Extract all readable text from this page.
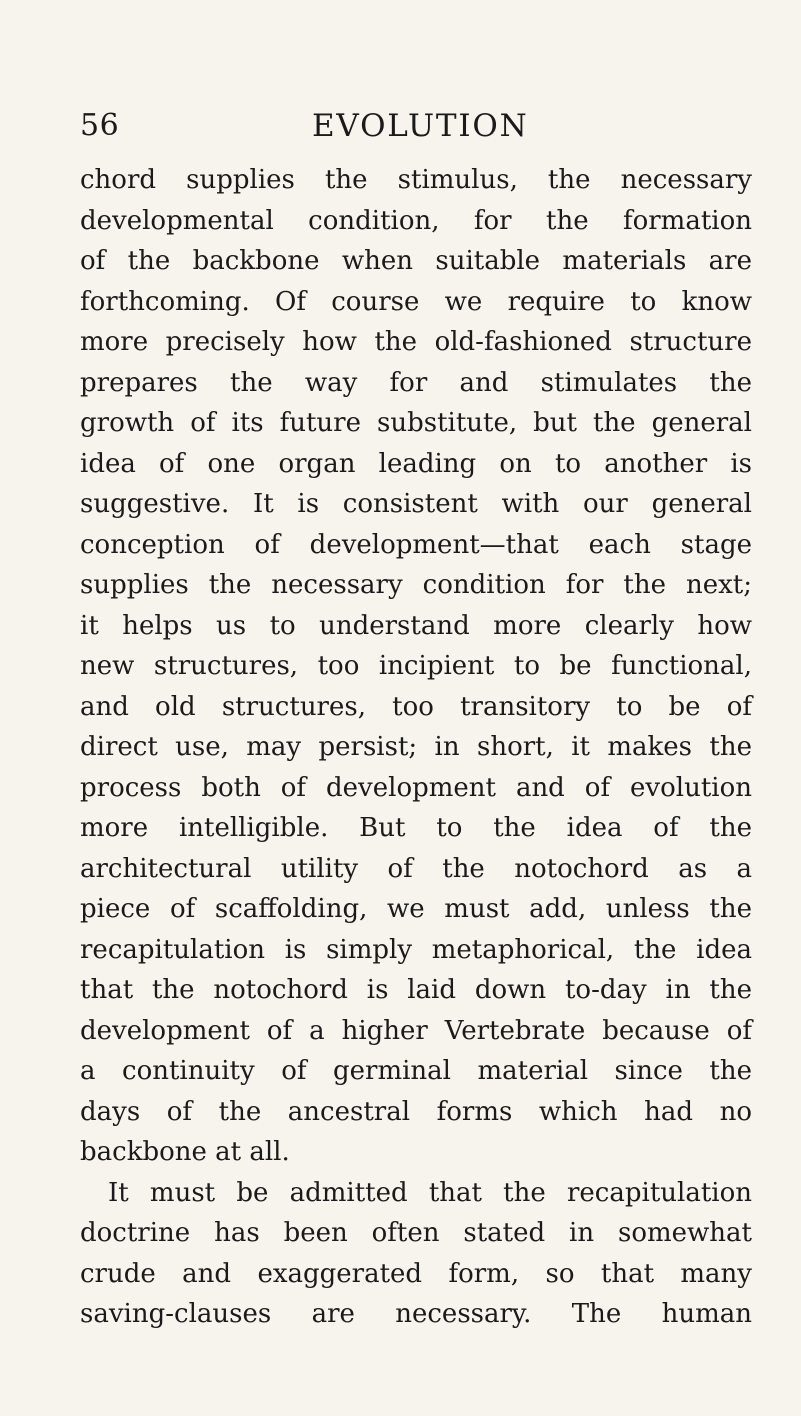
56	EVOLUTION
chord supplies the stimulus, the necessary
developmental condition, for the formation
of the backbone when suitable materials are
forthcoming. Of course we require to know
more precisely how the old-fashioned structure
prepares the way for and stimulates the
growth of its future substitute, but the general
idea of one organ leading on to another is
suggestive. It is consistent with our general
conception of development—that each stage
supplies the necessary condition for the next;
it helps us to understand more clearly how
new structures, too incipient to be functional,
and old structures, too transitory to be of
direct use, may persist; in short, it makes the
process both of development and of evolution
more intelligible. But to the idea of the
architectural utility of the notochord as a
piece of scaffolding, we must add, unless the
recapitulation is simply metaphorical, the idea
that the notochord is laid down to-day in the
development of a higher Vertebrate because of
a continuity of germinal material since the
days of the ancestral forms which had no
backbone at all.
It must be admitted that the recapitulation
doctrine has been often stated in somewhat
crude and exaggerated form, so that many
saving-clauses are necessary. The human
